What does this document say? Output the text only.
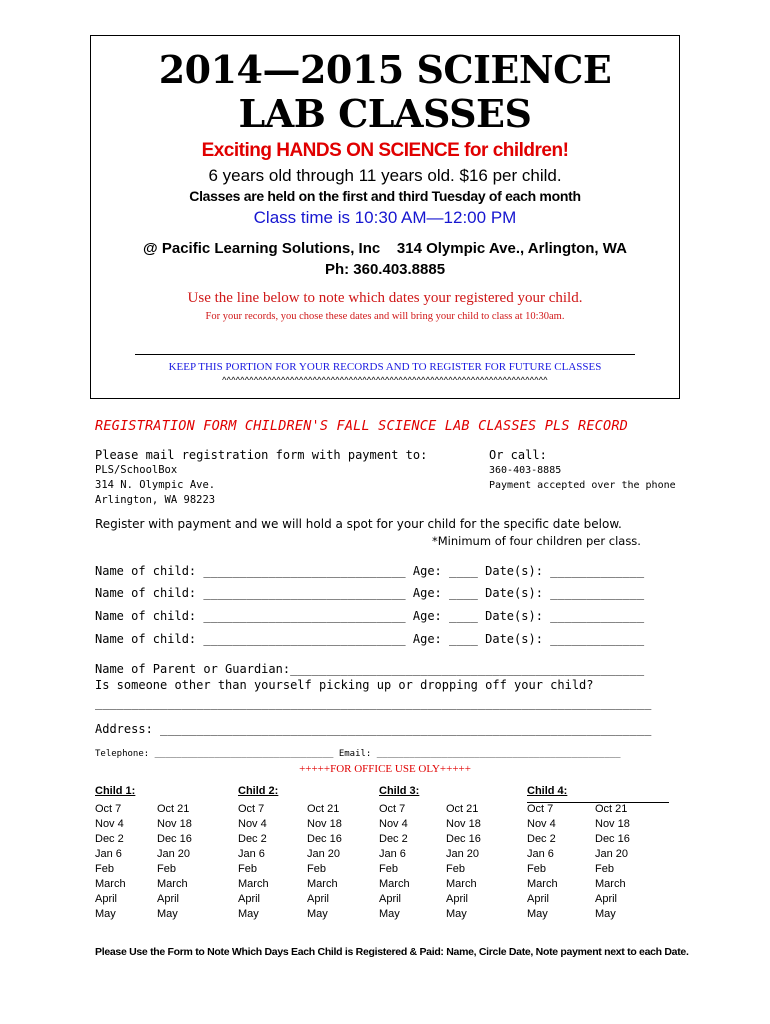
2014—2015 SCIENCE
LAB CLASSES
Exciting HANDS ON SCIENCE for children!
6 years old through 11 years old. $16 per child.
Classes are held on the first and third Tuesday of each month
Class time is 10:30 AM—12:00 PM
@ Pacific Learning Solutions, Inc    314 Olympic Ave., Arlington, WA
Ph: 360.403.8885
Use the line below to note which dates your registered your child.
For your records, you chose these dates and will bring your child to class at 10:30am.
KEEP THIS PORTION FOR YOUR RECORDS AND TO REGISTER FOR FUTURE CLASSES
^^^^^^^^^^^^^^^^^^^^^^^^^^^^^^^^^^^^^^^^^^^^^^^^^^^^^^^^^^^^^^^^^^^^^^^^
REGISTRATION FORM CHILDREN'S FALL SCIENCE LAB CLASSES PLS RECORD
Please mail registration form with payment to:
PLS/SchoolBox
314 N. Olympic Ave.
Arlington, WA 98223
Or call:
360-403-8885
Payment accepted over the phone
Register with payment and we will hold a spot for your child for the specific date below.
*Minimum of four children per class.
Name of child: ____________________________ Age: ____ Date(s): _____________
Name of child: ____________________________ Age: ____ Date(s): _____________
Name of child: ____________________________ Age: ____ Date(s): _____________
Name of child: ____________________________ Age: ____ Date(s): _____________
Name of Parent or Guardian:_________________________________________________
Is someone other than yourself picking up or dropping off your child?
_____________________________________________________________________________
Address: ____________________________________________________________________
Telephone: _________________________________ Email: _____________________________________________
+++++FOR OFFICE USE OLY+++++
Child 1:
Oct 7
Nov 4
Dec 2
Jan 6
Feb
March
April
May
Oct 21
Nov 18
Dec 16
Jan 20
Feb
March
April
May
Child 2:
Oct 7
Nov 4
Dec 2
Jan 6
Feb
March
April
May
Oct 21
Nov 18
Dec 16
Jan 20
Feb
March
April
May
Child 3:
Oct 7
Nov 4
Dec 2
Jan 6
Feb
March
April
May
Oct 21
Nov 18
Dec 16
Jan 20
Feb
March
April
May
Child 4:
Oct 7
Nov 4
Dec 2
Jan 6
Feb
March
April
May
Oct 21
Nov 18
Dec 16
Jan 20
Feb
March
April
May
Please Use the Form to Note Which Days Each Child is Registered & Paid: Name, Circle Date, Note payment next to each Date.
